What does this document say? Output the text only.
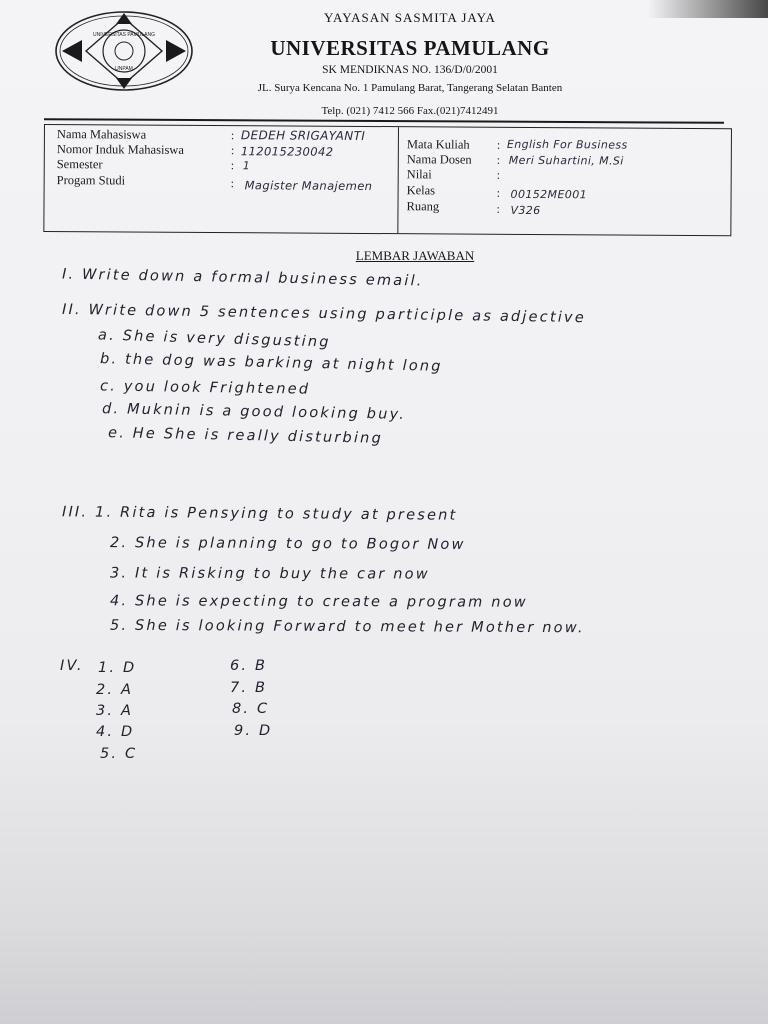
UNIVERSITAS PAMULANG
UNPAM
YAYASAN SASMITA JAYA
UNIVERSITAS PAMULANG
SK MENDIKNAS NO. 136/D/0/2001
JL. Surya Kencana No. 1 Pamulang Barat, Tangerang Selatan Banten
Telp. (021) 7412 566 Fax.(021)7412491
Nama Mahasiswa	: DEDEH SRIGAYANTI
Nomor Induk Mahasiswa	: 112015230042
Semester	: 1
Progam Studi	: Magister Manajemen
Mata Kuliah : English For Business
Nama Dosen : Meri Suhartini, M.Si
Nilai	:
Kelas	: 00152ME001
Ruang	: V326
LEMBAR JAWABAN
I. Write down a formal business email.
II. Write down 5 sentences using participle as adjective
a. She is very disgusting
b. the dog was barking at night long
c. you look Frightened
d. Muknin is a good looking buy.
e. He She is really disturbing
III. 1. Rita is Pensying to study at present
2. She is planning to go to Bogor Now
3. It is Risking to buy the car now
4. She is expecting to create a program now
5. She is looking Forward to meet her Mother now.
IV. 1. D
2. A
3. A
4. D
5. C
6. B
7. B
8. C
9. D
